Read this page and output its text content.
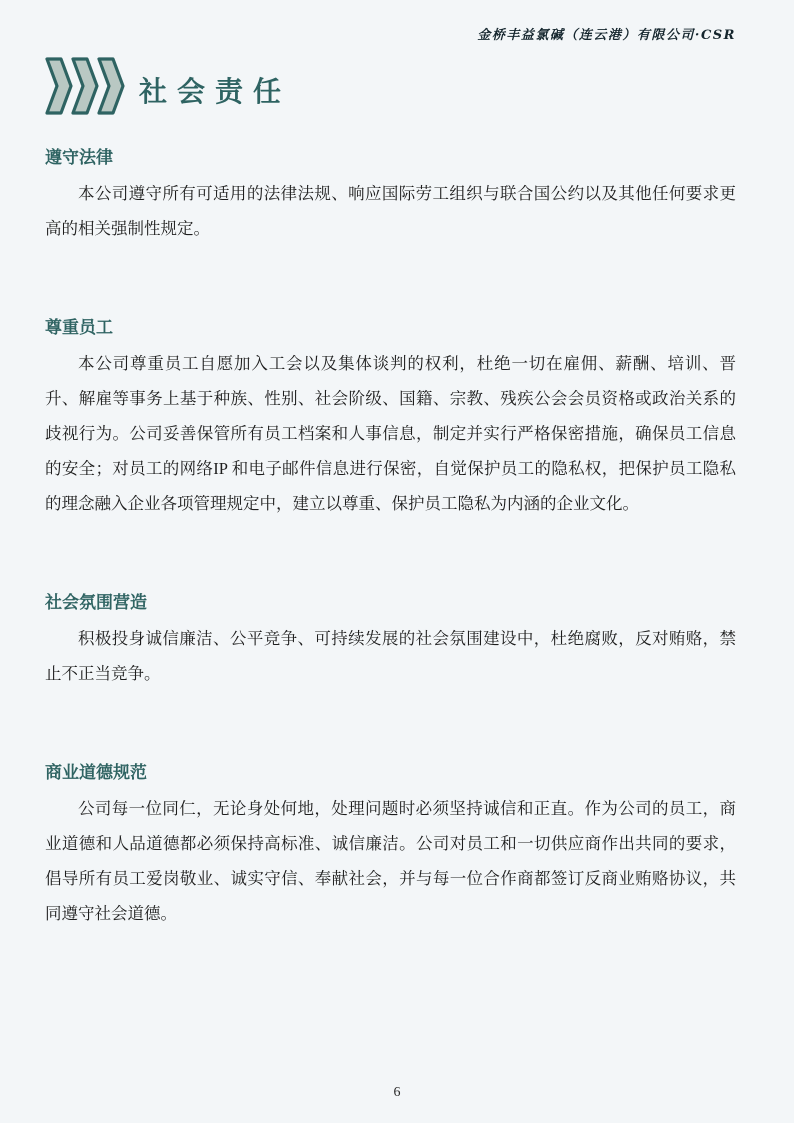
金桥丰益氯碱（连云港）有限公司·CSR
社会责任
遵守法律

本公司遵守所有可适用的法律法规、响应国际劳工组织与联合国公约以及其他任何要求更高的相关强制性规定。

尊重员工

本公司尊重员工自愿加入工会以及集体谈判的权利，杜绝一切在雇佣、薪酬、培训、晋升、解雇等事务上基于种族、性别、社会阶级、国籍、宗教、残疾公会会员资格或政治关系的歧视行为。公司妥善保管所有员工档案和人事信息，制定并实行严格保密措施，确保员工信息的安全；对员工的网络IP 和电子邮件信息进行保密，自觉保护员工的隐私权，把保护员工隐私的理念融入企业各项管理规定中，建立以尊重、保护员工隐私为内涵的企业文化。

社会氛围营造

积极投身诚信廉洁、公平竞争、可持续发展的社会氛围建设中，杜绝腐败，反对贿赂，禁止不正当竞争。

商业道德规范

公司每一位同仁，无论身处何地，处理问题时必须坚持诚信和正直。作为公司的员工，商业道德和人品道德都必须保持高标准、诚信廉洁。公司对员工和一切供应商作出共同的要求，倡导所有员工爱岗敬业、诚实守信、奉献社会，并与每一位合作商都签订反商业贿赂协议，共同遵守社会道德。

6
